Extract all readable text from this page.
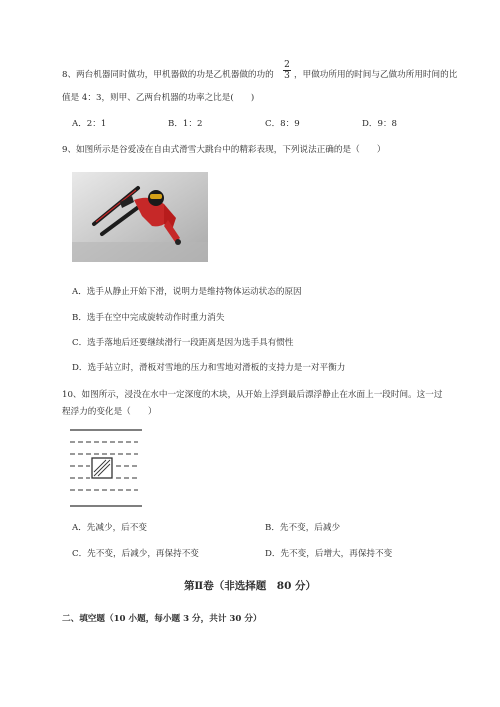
8、两台机器同时做功，甲机器做的功是乙机器做的功的
2
3 ，甲做功所用的时间与乙做功所用时间的比
值是 4：3，则甲、乙两台机器的功率之比是(　　)
A．2：1	B．1：2	C．8：9	D．9：8
9、如图所示是谷爱凌在自由式滑雪大跳台中的精彩表现，下列说法正确的是（　　）
A．选手从静止开始下滑，说明力是维持物体运动状态的原因
B．选手在空中完成旋转动作时重力消失
C．选手落地后还要继续滑行一段距离是因为选手具有惯性
D．选手站立时，滑板对雪地的压力和雪地对滑板的支持力是一对平衡力
10、如图所示，浸没在水中一定深度的木块，从开始上浮到最后漂浮静止在水面上一段时间。这一过
程浮力的变化是（　　）
A．先减少，后不变	B．先不变，后减少
C．先不变，后减少，再保持不变	D．先不变，后增大，再保持不变
第Ⅱ卷（非选择题　80 分）
二、填空题（10 小题，每小题 3 分，共计 30 分）
